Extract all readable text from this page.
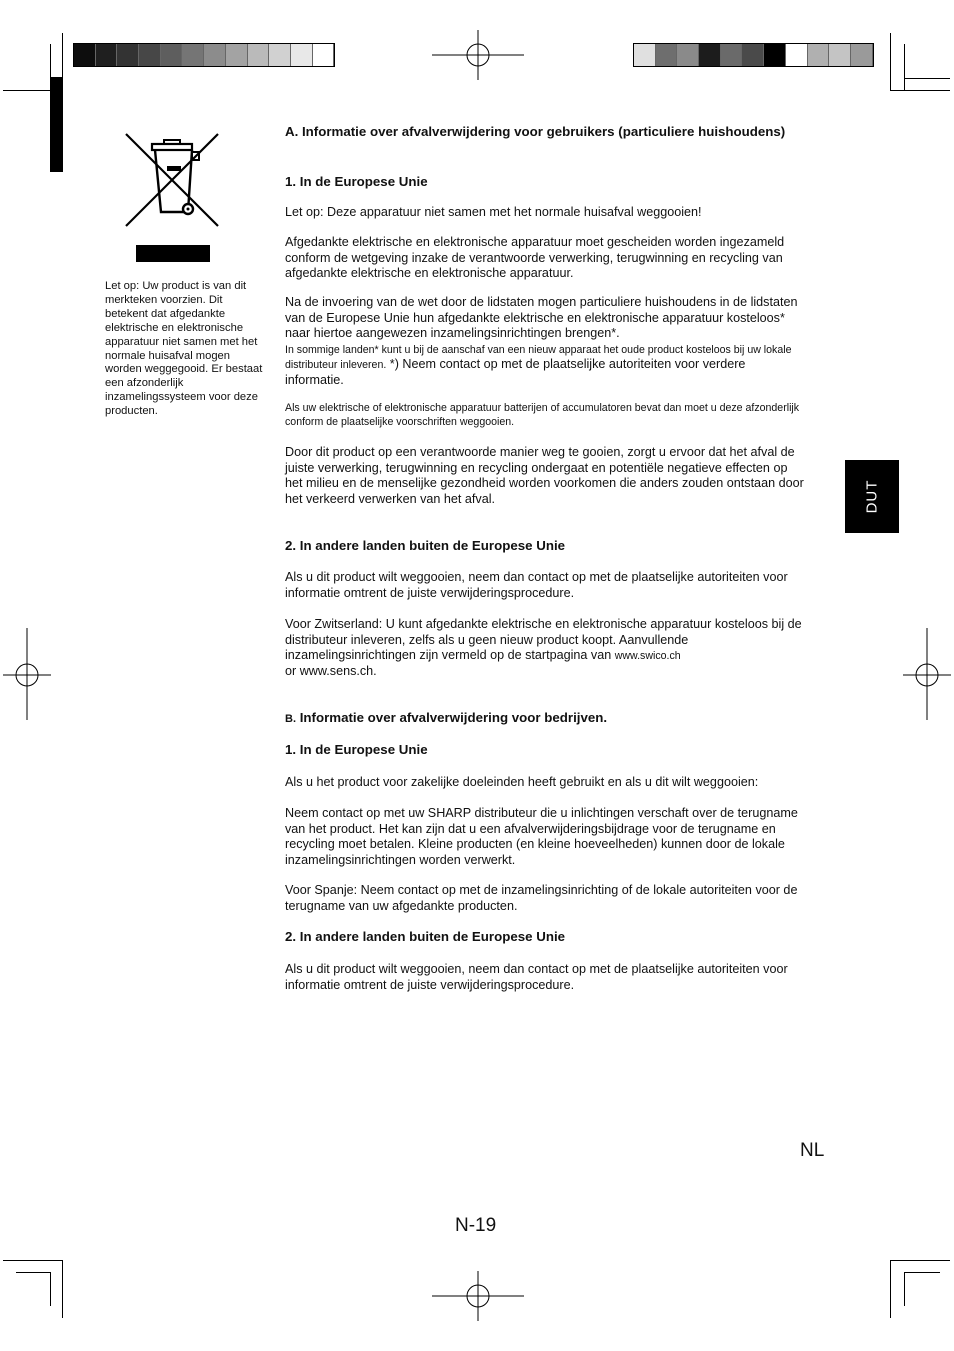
DUT
Let op: Uw product is van dit merkteken voorzien. Dit betekent dat afgedankte elektrische en elektronische apparatuur niet samen met het normale huisafval mogen worden weggegooid. Er bestaat een afzonderlijk inzamelingssysteem voor deze producten.

A. Informatie over afvalverwijdering voor gebruikers (particuliere huishoudens)

1. In de Europese Unie

Let op: Deze apparatuur niet samen met het normale huisafval weggooien!

Afgedankte elektrische en elektronische apparatuur moet gescheiden worden ingezameld conform de wetgeving inzake de verantwoorde verwerking, terugwinning en recycling van afgedankte elektrische en elektronische apparatuur.

Na de invoering van de wet door de lidstaten mogen particuliere huishoudens in de lidstaten van de Europese Unie hun afgedankte elektrische en elektronische apparatuur kosteloos* naar hiertoe aangewezen inzamelingsinrichtingen brengen*.

In sommige landen* kunt u bij de aanschaf van een nieuw apparaat het oude product kosteloos bij uw lokale distributeur inleveren. *) Neem contact op met de plaatselijke autoriteiten voor verdere informatie.

Als uw elektrische of elektronische apparatuur batterijen of accumulatoren bevat dan moet u deze afzonderlijk conform de plaatselijke voorschriften weggooien.

Door dit product op een verantwoorde manier weg te gooien, zorgt u ervoor dat het afval de juiste verwerking, terugwinning en recycling ondergaat en potentiële negatieve effecten op het milieu en de menselijke gezondheid worden voorkomen die anders zouden ontstaan door het verkeerd verwerken van het afval.

2. In andere landen buiten de Europese Unie

Als u dit product wilt weggooien, neem dan contact op met de plaatselijke autoriteiten voor informatie omtrent de juiste verwijderingsprocedure.

Voor Zwitserland: U kunt afgedankte elektrische en elektronische apparatuur kosteloos bij de distributeur inleveren, zelfs als u geen nieuw product koopt. Aanvullende inzamelingsinrichtingen zijn vermeld op de startpagina van www.swico.ch

or www.sens.ch.

B. Informatie over afvalverwijdering voor bedrijven.

1. In de Europese Unie

Als u het product voor zakelijke doeleinden heeft gebruikt en als u dit wilt weggooien:

Neem contact op met uw SHARP distributeur die u inlichtingen verschaft over de terugname van het product. Het kan zijn dat u een afvalverwijderingsbijdrage voor de terugname en recycling moet betalen. Kleine producten (en kleine hoeveelheden) kunnen door de lokale inzamelingsinrichtingen worden verwerkt.

Voor Spanje: Neem contact op met de inzamelingsinrichting of de lokale autoriteiten voor de terugname van uw afgedankte producten.

2. In andere landen buiten de Europese Unie

Als u dit product wilt weggooien, neem dan contact op met de plaatselijke autoriteiten voor informatie omtrent de juiste verwijderingsprocedure.

NL
N-19
